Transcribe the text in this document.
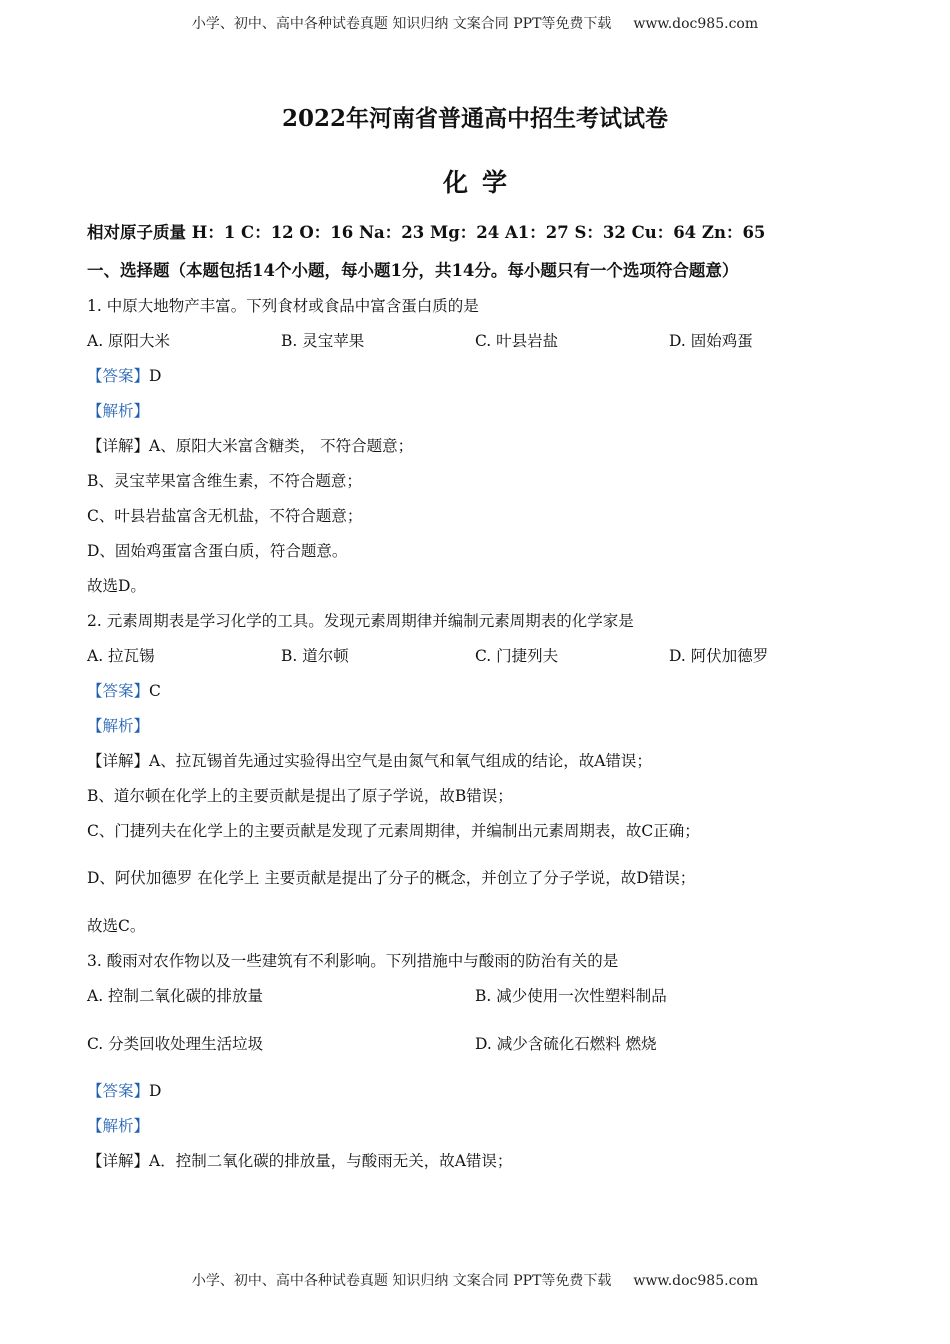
小学、初中、高中各种试卷真题 知识归纳 文案合同 PPT等免费下载 www.doc985.com
2022年河南省普通高中招生考试试卷
化学
相对原子质量 H：1 C：12 O：16 Na：23 Mg：24 A1：27 S：32 Cu：64 Zn：65
一、选择题（本题包括14个小题，每小题1分，共14分。每小题只有一个选项符合题意）
1. 中原大地物产丰富。下列食材或食品中富含蛋白质的是
A. 原阳大米	B. 灵宝苹果	C. 叶县岩盐	D. 固始鸡蛋
【答案】D
【解析】
【详解】A、原阳大米富含糖类， 不符合题意；
B、灵宝苹果富含维生素，不符合题意；
C、叶县岩盐富含无机盐，不符合题意；
D、固始鸡蛋富含蛋白质，符合题意。
故选D。
2. 元素周期表是学习化学的工具。发现元素周期律并编制元素周期表的化学家是
A. 拉瓦锡	B. 道尔顿	C. 门捷列夫	D. 阿伏加德罗
【答案】C
【解析】
【详解】A、拉瓦锡首先通过实验得出空气是由氮气和氧气组成的结论，故A错误；
B、道尔顿在化学上的主要贡献是提出了原子学说，故B错误；
C、门捷列夫在化学上的主要贡献是发现了元素周期律，并编制出元素周期表，故C正确；
D、阿伏加德罗 在化学上 主要贡献是提出了分子的概念，并创立了分子学说，故D错误；
故选C。
3. 酸雨对农作物以及一些建筑有不利影响。下列措施中与酸雨的防治有关的是
A. 控制二氧化碳的排放量	B. 减少使用一次性塑料制品
C. 分类回收处理生活垃圾	D. 减少含硫化石燃料 燃烧
【答案】D
【解析】
【详解】A．控制二氧化碳的排放量，与酸雨无关，故A错误；
小学、初中、高中各种试卷真题 知识归纳 文案合同 PPT等免费下载 www.doc985.com
